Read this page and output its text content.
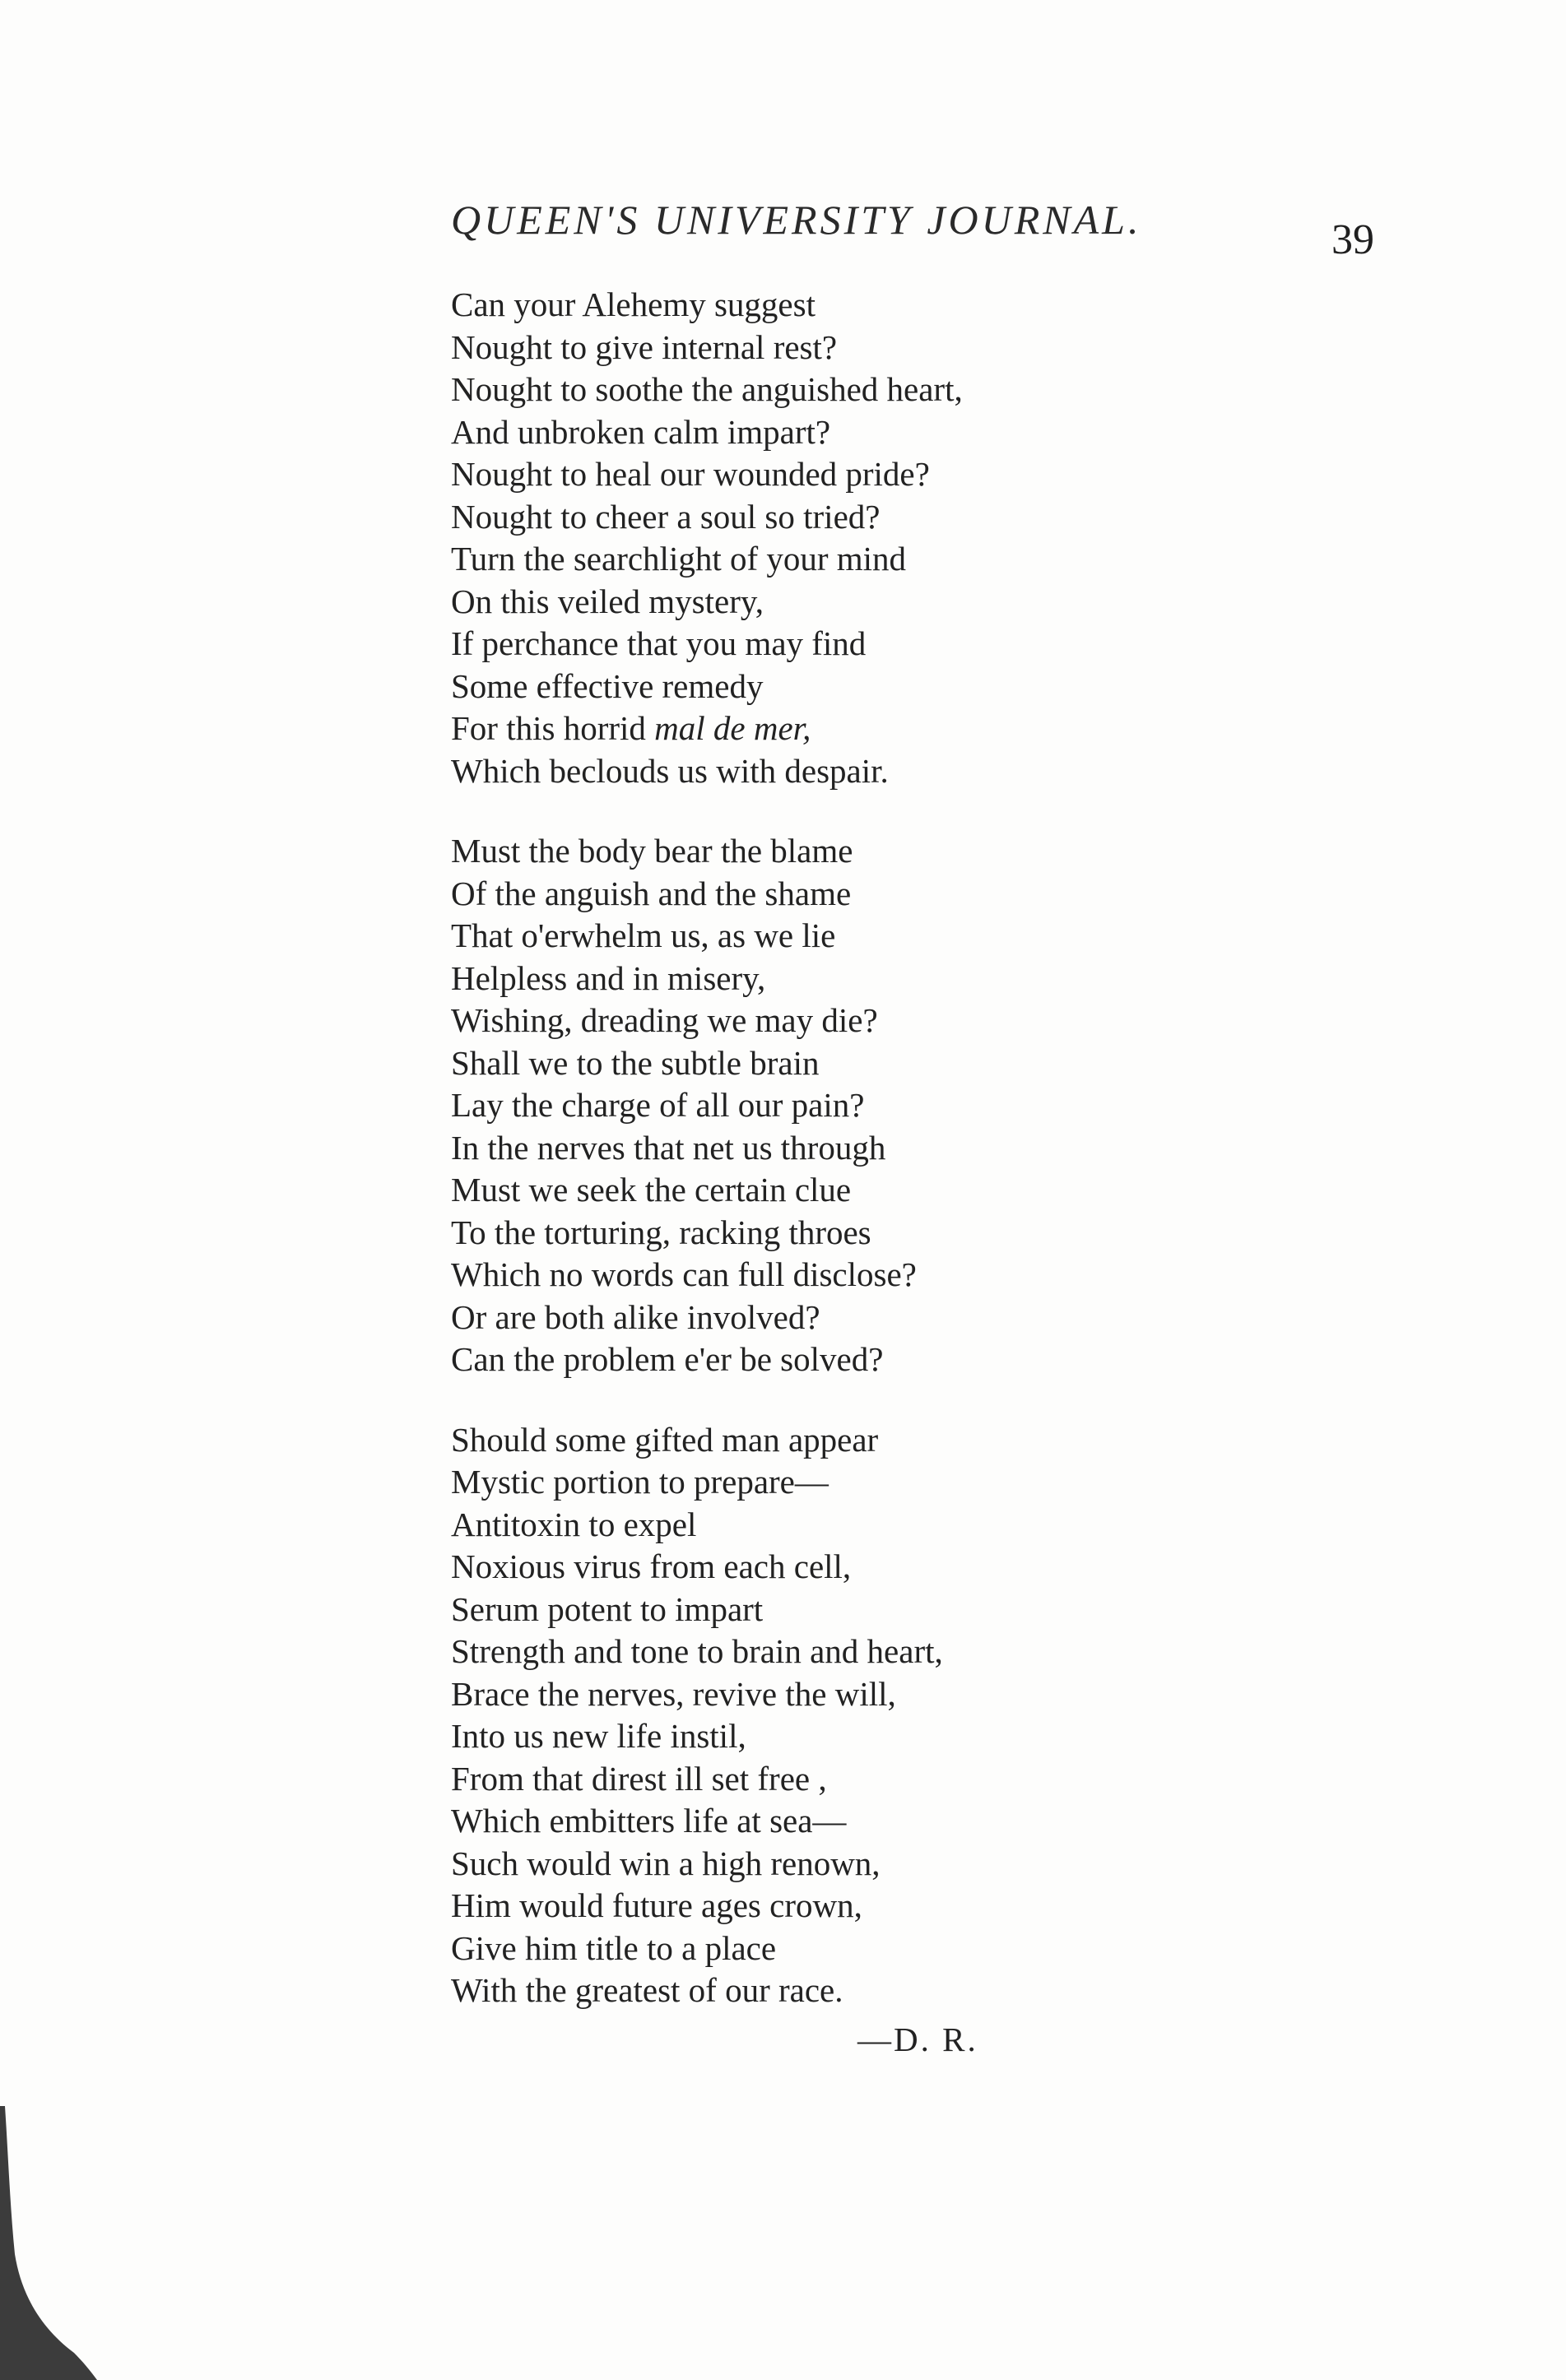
QUEEN'S UNIVERSITY JOURNAL.	39
Can your Alehemy suggest
Nought to give internal rest?
Nought to soothe the anguished heart,
And unbroken calm impart?
Nought to heal our wounded pride?
Nought to cheer a soul so tried?
Turn the searchlight of your mind
On this veiled mystery,
If perchance that you may find
Some effective remedy
For this horrid mal de mer,
Which beclouds us with despair.
Must the body bear the blame
Of the anguish and the shame
That o'erwhelm us, as we lie
Helpless and in misery,
Wishing, dreading we may die?
Shall we to the subtle brain
Lay the charge of all our pain?
In the nerves that net us through
Must we seek the certain clue
To the torturing, racking throes
Which no words can full disclose?
Or are both alike involved?
Can the problem e'er be solved?
Should some gifted man appear
Mystic portion to prepare—
Antitoxin to expel
Noxious virus from each cell,
Serum potent to impart
Strength and tone to brain and heart,
Brace the nerves, revive the will,
Into us new life instil,
From that direst ill set free ,
Which embitters life at sea—
Such would win a high renown,
Him would future ages crown,
Give him title to a place
With the greatest of our race.
—D. R.
